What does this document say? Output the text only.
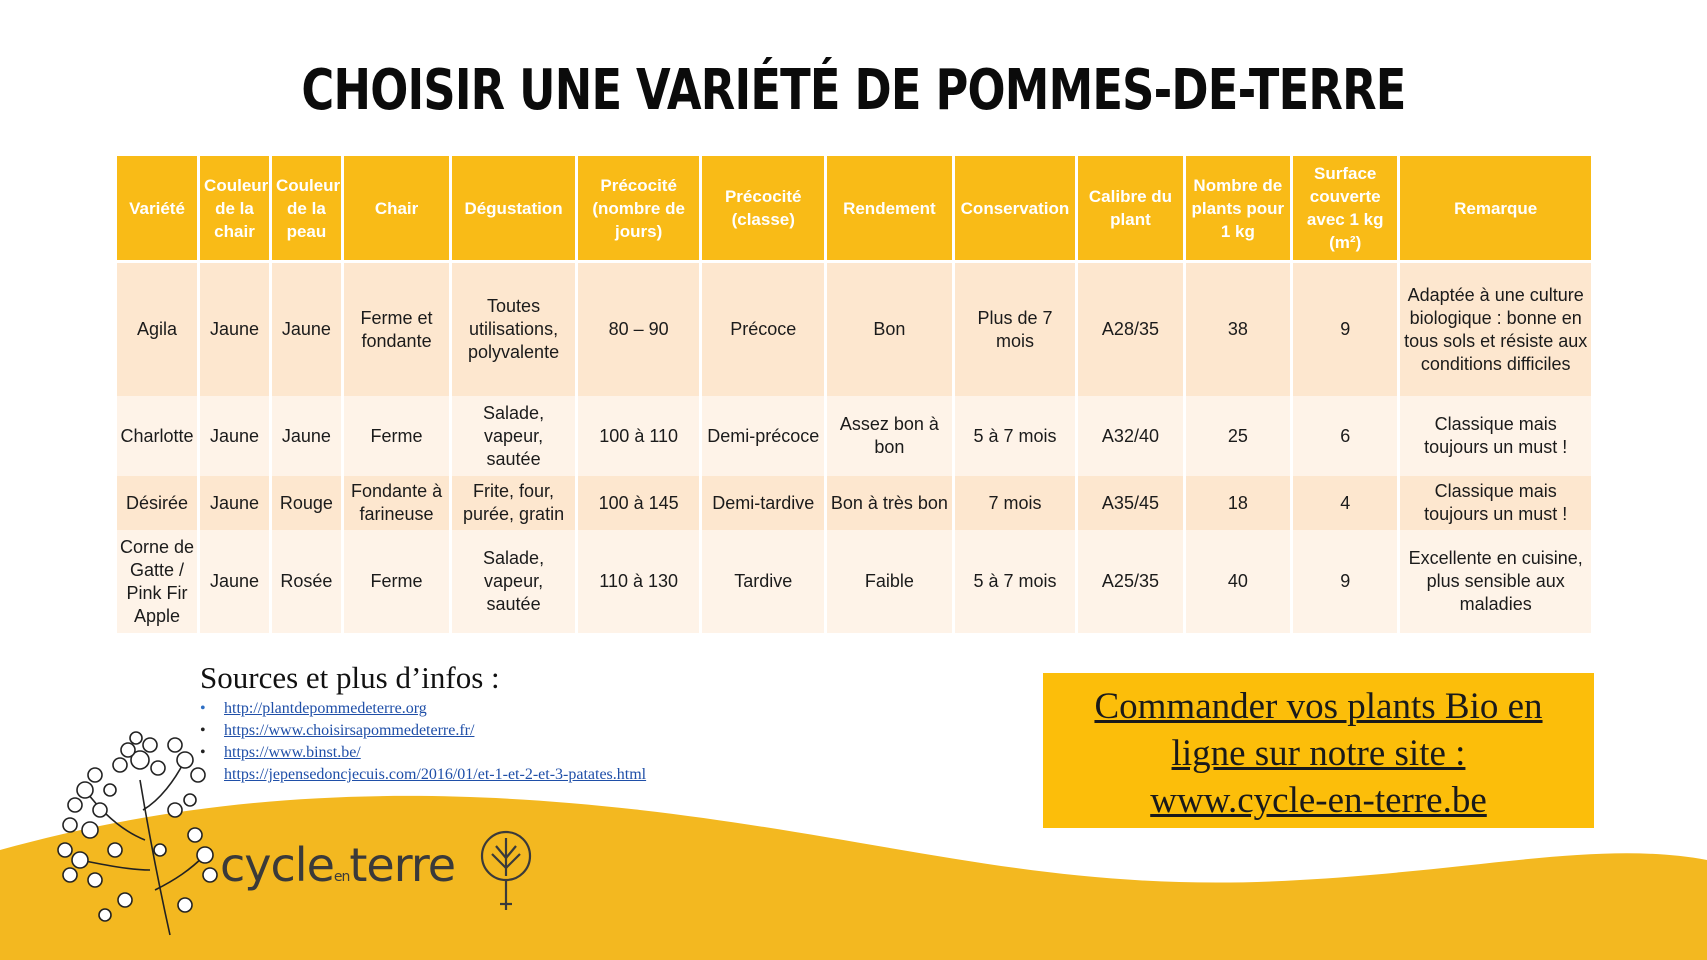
CHOISIR UNE VARIÉTÉ DE POMMES-DE-TERRE
Variété	Couleur de la chair	Couleur de la peau	Chair	Dégustation	Précocité (nombre de jours)	Précocité (classe)	Rendement	Conservation	Calibre du plant	Nombre de plants pour 1 kg	Surface couverte avec 1 kg (m²)	Remarque
Agila	Jaune	Jaune	Ferme et fondante	Toutes utilisations, polyvalente	80 – 90	Précoce	Bon	Plus de 7 mois	A28/35	38	9	Adaptée à une culture biologique : bonne en tous sols et résiste aux conditions difficiles
Charlotte	Jaune	Jaune	Ferme	Salade, vapeur, sautée	100 à 110	Demi-précoce	Assez bon à bon	5 à 7 mois	A32/40	25	6	Classique mais toujours un must !
Désirée	Jaune	Rouge	Fondante à farineuse	Frite, four, purée, gratin	100 à 145	Demi-tardive	Bon à très bon	7 mois	A35/45	18	4	Classique mais toujours un must !
Corne de Gatte / Pink Fir Apple	Jaune	Rosée	Ferme	Salade, vapeur, sautée	110 à 130	Tardive	Faible	5 à 7 mois	A25/35	40	9	Excellente en cuisine, plus sensible aux maladies
Sources et plus d’infos :
• http://plantdepommedeterre.org
• https://www.choisirsapommedeterre.fr/
• https://www.binst.be/
• https://jepensedoncjecuis.com/2016/01/et-1-et-2-et-3-patates.html
Commander vos plants Bio en
ligne sur notre site :
www.cycle-en-terre.be
cycleenterre
